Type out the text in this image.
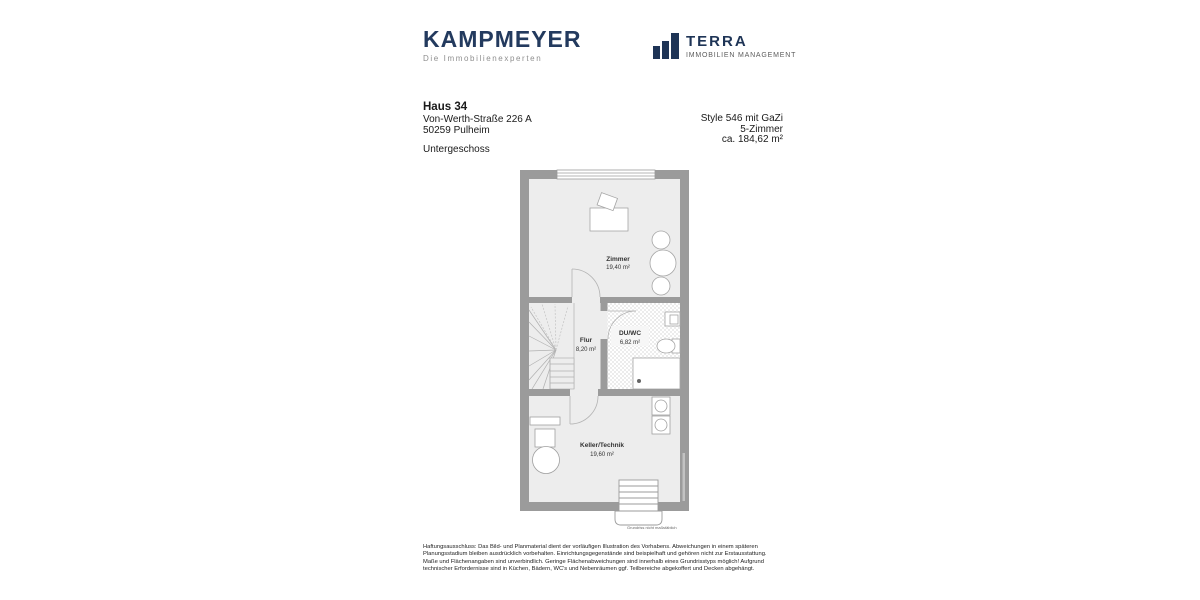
KAMPMEYER
Die Immobilienexperten
TERRA
IMMOBILIEN MANAGEMENT
Haus 34
Von-Werth-Straße 226 A
50259 Pulheim
Style 546 mit GaZi
5-Zimmer
ca. 184,62 m²
Untergeschoss
Zimmer
19,40 m²
Flur
8,20 m²
DU/WC
6,82 m²
Keller/Technik
19,60 m²
Grundriss nicht maßstäblich
Haftungsausschluss: Das Bild- und Planmaterial dient der vorläufigen Illustration des Vorhabens. Abweichungen in einem späteren Planungsstadium bleiben ausdrücklich vorbehalten. Einrichtungsgegenstände sind beispielhaft und gehören nicht zur Erstausstattung. Maße und Flächenangaben sind unverbindlich. Geringe Flächenabweichungen sind innerhalb eines Grundrisstyps möglich! Aufgrund technischer Erfordernisse sind in Küchen, Bädern, WC's und Nebenräumen ggf. Teilbereiche abgekoffert und Decken abgehängt.
